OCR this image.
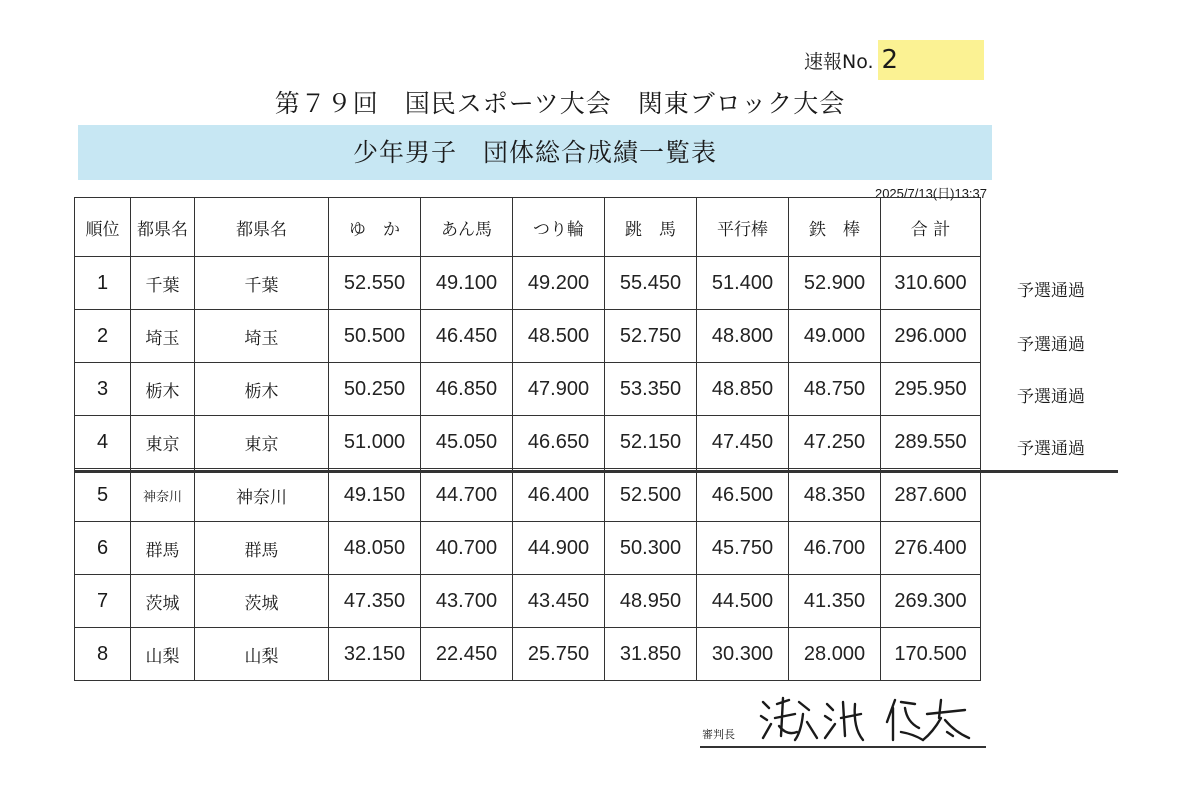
速報No. 2
第７９回　国民スポーツ大会　関東ブロック大会
少年男子　団体総合成績一覧表
2025/7/13(日)13:37
順位	都県名	都県名	ゆ　か	あん馬	つり輪	跳　馬	平行棒	鉄　棒	合 計
1	千葉	千葉	52.550	49.100	49.200	55.450	51.400	52.900	310.600
2	埼玉	埼玉	50.500	46.450	48.500	52.750	48.800	49.000	296.000
3	栃木	栃木	50.250	46.850	47.900	53.350	48.850	48.750	295.950
4	東京	東京	51.000	45.050	46.650	52.150	47.450	47.250	289.550
5	神奈川	神奈川	49.150	44.700	46.400	52.500	46.500	48.350	287.600
6	群馬	群馬	48.050	40.700	44.900	50.300	45.750	46.700	276.400
7	茨城	茨城	47.350	43.700	43.450	48.950	44.500	41.350	269.300
8	山梨	山梨	32.150	22.450	25.750	31.850	30.300	28.000	170.500
予選通過
予選通過
予選通過
予選通過
審判長
